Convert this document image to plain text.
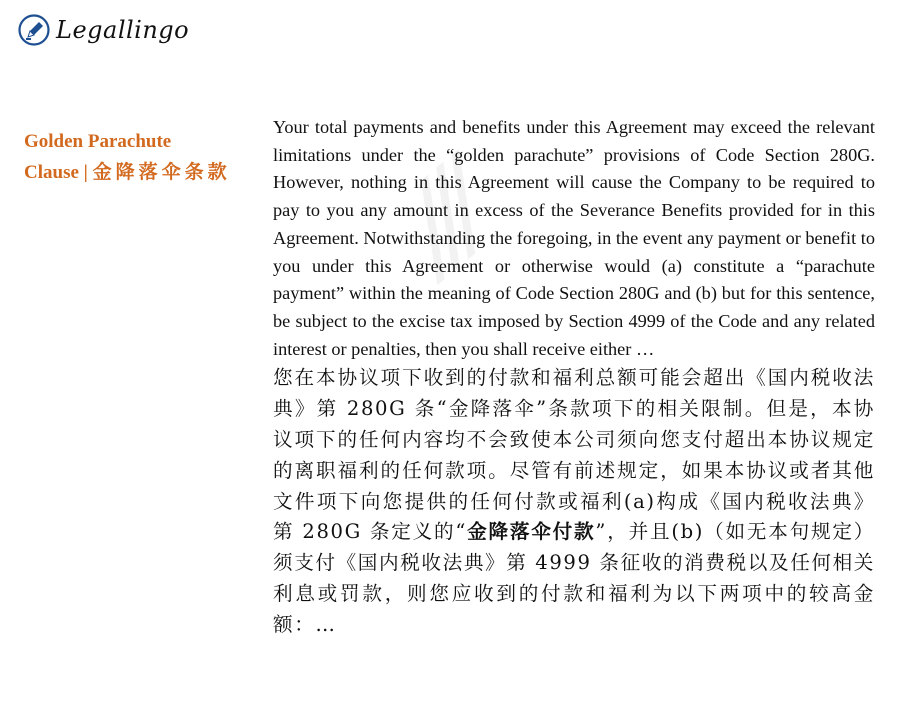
Legallingo
Golden Parachute
Clause | 金降落伞条款 ⁄⁄⁄

Your total payments and benefits under this Agreement may exceed the relevant limitations under the “golden parachute” provisions of Code Section 280G. However, nothing in this Agreement will cause the Company to be required to pay to you any amount in excess of the Severance Benefits provided for in this Agreement. Notwithstanding the foregoing, in the event any payment or benefit to you under this Agreement or otherwise would (a) constitute a “parachute payment” within the meaning of Code Section 280G and (b) but for this sentence, be subject to the excise tax imposed by Section 4999 of the Code and any related interest or penalties, then you shall receive either …

您在本协议项下收到的付款和福利总额可能会超出《国内税收法典》第 280G 条“金降落伞”条款项下的相关限制。但是，本协议项下的任何内容均不会致使本公司须向您支付超出本协议规定的离职福利的任何款项。尽管有前述规定，如果本协议或者其他文件项下向您提供的任何付款或福利(a)构成《国内税收法典》第 280G 条定义的“金降落伞付款”，并且(b)（如无本句规定）须支付《国内税收法典》第 4999 条征收的消费税以及任何相关利息或罚款，则您应收到的付款和福利为以下两项中的较高金额：…
